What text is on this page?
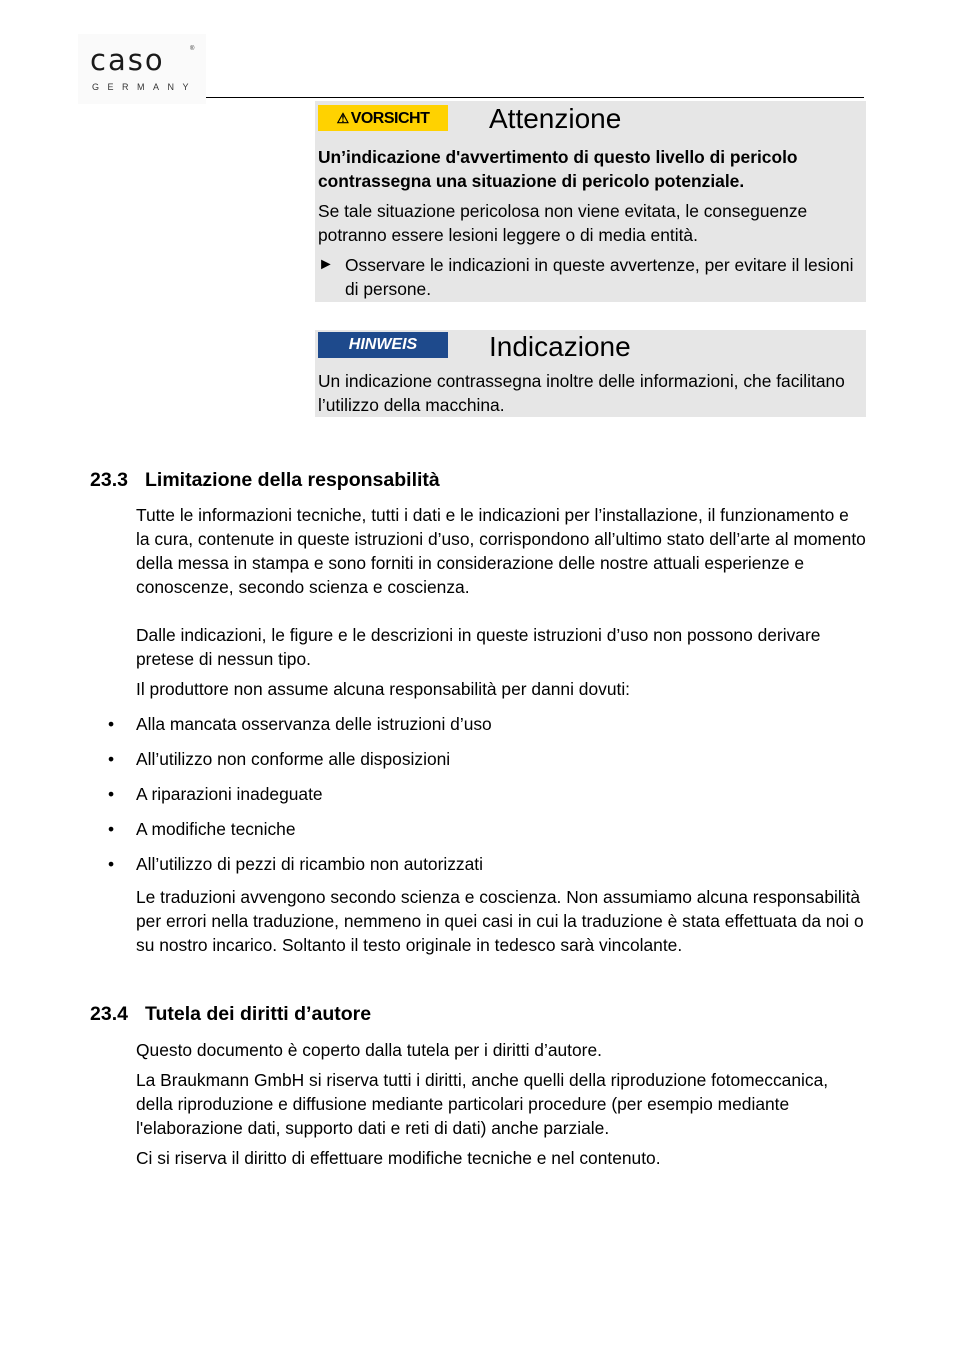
caso	®
GERMANY
⚠ VORSICHT	Attenzione

Un’indicazione d'avvertimento di questo livello di pericolo contrassegna una situazione di pericolo potenziale.

Se tale situazione pericolosa non viene evitata, le conseguenze potranno essere lesioni leggere o di media entità.

► Osservare le indicazioni in queste avvertenze, per evitare il lesioni di persone.
HINWEIS	Indicazione

Un indicazione contrassegna inoltre delle informazioni, che facilitano l’utilizzo della macchina.

23.3 Limitazione della responsabilità

Tutte le informazioni tecniche, tutti i dati e le indicazioni per l’installazione, il funzionamento e la cura, contenute in queste istruzioni d’uso, corrispondono all’ultimo stato dell’arte al momento della messa in stampa e sono forniti in considerazione delle nostre attuali esperienze e conoscenze, secondo scienza e coscienza.

Dalle indicazioni, le figure e le descrizioni in queste istruzioni d’uso non possono derivare pretese di nessun tipo.

Il produttore non assume alcuna responsabilità per danni dovuti:

• Alla mancata osservanza delle istruzioni d’uso
• All’utilizzo non conforme alle disposizioni
• A riparazioni inadeguate
• A modifiche tecniche
• All’utilizzo di pezzi di ricambio non autorizzati

Le traduzioni avvengono secondo scienza e coscienza. Non assumiamo alcuna responsabilità per errori nella traduzione, nemmeno in quei casi in cui la traduzione è stata effettuata da noi o su nostro incarico. Soltanto il testo originale in tedesco sarà vincolante.

23.4 Tutela dei diritti d’autore

Questo documento è coperto dalla tutela per i diritti d’autore.

La Braukmann GmbH si riserva tutti i diritti, anche quelli della riproduzione fotomeccanica, della riproduzione e diffusione mediante particolari procedure (per esempio mediante l'elaborazione dati, supporto dati e reti di dati) anche parziale.

Ci si riserva il diritto di effettuare modifiche tecniche e nel contenuto.
